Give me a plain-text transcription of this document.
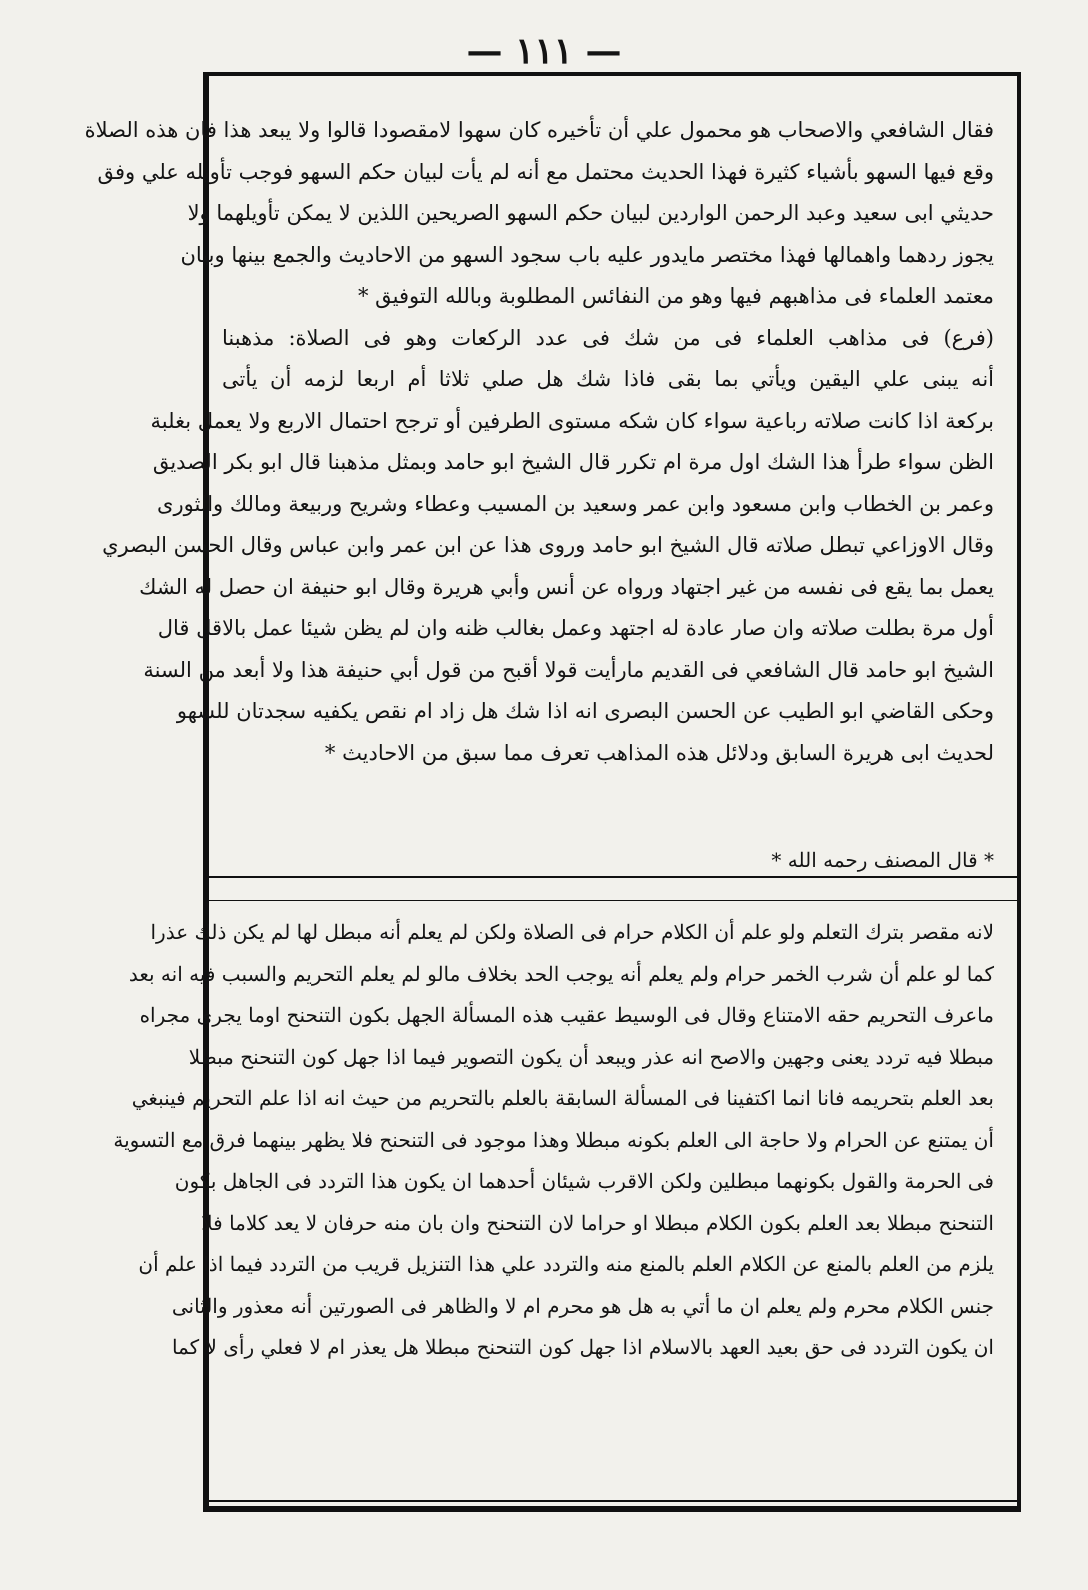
— ١١١ —
فقال الشافعي والاصحاب هو محمول علي أن تأخيره كان سهوا لامقصودا قالوا ولا يبعد هذا فان هذه الصلاة
وقع فيها السهو بأشياء كثيرة فهذا الحديث محتمل مع أنه لم يأت لبيان حكم السهو فوجب تأويله علي وفق
حديثي ابى سعيد وعبد الرحمن الواردين لبيان حكم السهو الصريحين اللذين لا يمكن تأويلهما ولا
يجوز ردهما واهمالها فهذا مختصر مايدور عليه باب سجود السهو من الاحاديث والجمع بينها وبيان
معتمد العلماء فى مذاهبهم فيها وهو من النفائس المطلوبة وبالله التوفيق *
(فرع) فى مذاهب العلماء فى من شك فى عدد الركعات وهو فى الصلاة: مذهبنا
أنه يبنى علي اليقين ويأتي بما بقى فاذا شك هل صلي ثلاثا أم اربعا لزمه أن يأتى
بركعة اذا كانت صلاته رباعية سواء كان شكه مستوى الطرفين أو ترجح احتمال الاربع ولا يعمل بغلبة
الظن سواء طرأ هذا الشك اول مرة ام تكرر قال الشيخ ابو حامد وبمثل مذهبنا قال ابو بكر الصديق
وعمر بن الخطاب وابن مسعود وابن عمر وسعيد بن المسيب وعطاء وشريح وربيعة ومالك والثورى
وقال الاوزاعي تبطل صلاته قال الشيخ ابو حامد وروى هذا عن ابن عمر وابن عباس وقال الحسن البصري
يعمل بما يقع فى نفسه من غير اجتهاد ورواه عن أنس وأبي هريرة وقال ابو حنيفة ان حصل له الشك
أول مرة بطلت صلاته وان صار عادة له اجتهد وعمل بغالب ظنه وان لم يظن شيئا عمل بالاقل قال
الشيخ ابو حامد قال الشافعي فى القديم مارأيت قولا أقبح من قول أبي حنيفة هذا ولا أبعد من السنة
وحكى القاضي ابو الطيب عن الحسن البصرى انه اذا شك هل زاد ام نقص يكفيه سجدتان للسهو
لحديث ابى هريرة السابق ودلائل هذه المذاهب تعرف مما سبق من الاحاديث *
* قال المصنف رحمه الله *
لانه مقصر بترك التعلم ولو علم أن الكلام حرام فى الصلاة ولكن لم يعلم أنه مبطل لها لم يكن ذلك عذرا
كما لو علم أن شرب الخمر حرام ولم يعلم أنه يوجب الحد بخلاف مالو لم يعلم التحريم والسبب فيه انه بعد
ماعرف التحريم حقه الامتناع وقال فى الوسيط عقيب هذه المسألة الجهل بكون التنحنح اوما يجرى مجراه
مبطلا فيه تردد يعنى وجهين والاصح انه عذر ويبعد أن يكون التصوير فيما اذا جهل كون التنحنح مبطلا
بعد العلم بتحريمه فانا انما اكتفينا فى المسألة السابقة بالعلم بالتحريم من حيث انه اذا علم التحريم فينبغي
أن يمتنع عن الحرام ولا حاجة الى العلم بكونه مبطلا وهذا موجود فى التنحنح فلا يظهر بينهما فرق مع التسوية
فى الحرمة والقول بكونهما مبطلين ولكن الاقرب شيئان أحدهما ان يكون هذا التردد فى الجاهل بكون
التنحنح مبطلا بعد العلم بكون الكلام مبطلا او حراما لان التنحنح وان بان منه حرفان لا يعد كلاما فلا
يلزم من العلم بالمنع عن الكلام العلم بالمنع منه والتردد علي هذا التنزيل قريب من التردد فيما اذا علم أن
جنس الكلام محرم ولم يعلم ان ما أتي به هل هو محرم ام لا والظاهر فى الصورتين أنه معذور والثانى
ان يكون التردد فى حق بعيد العهد بالاسلام اذا جهل كون التنحنح مبطلا هل يعذر ام لا فعلي رأى لا كما
